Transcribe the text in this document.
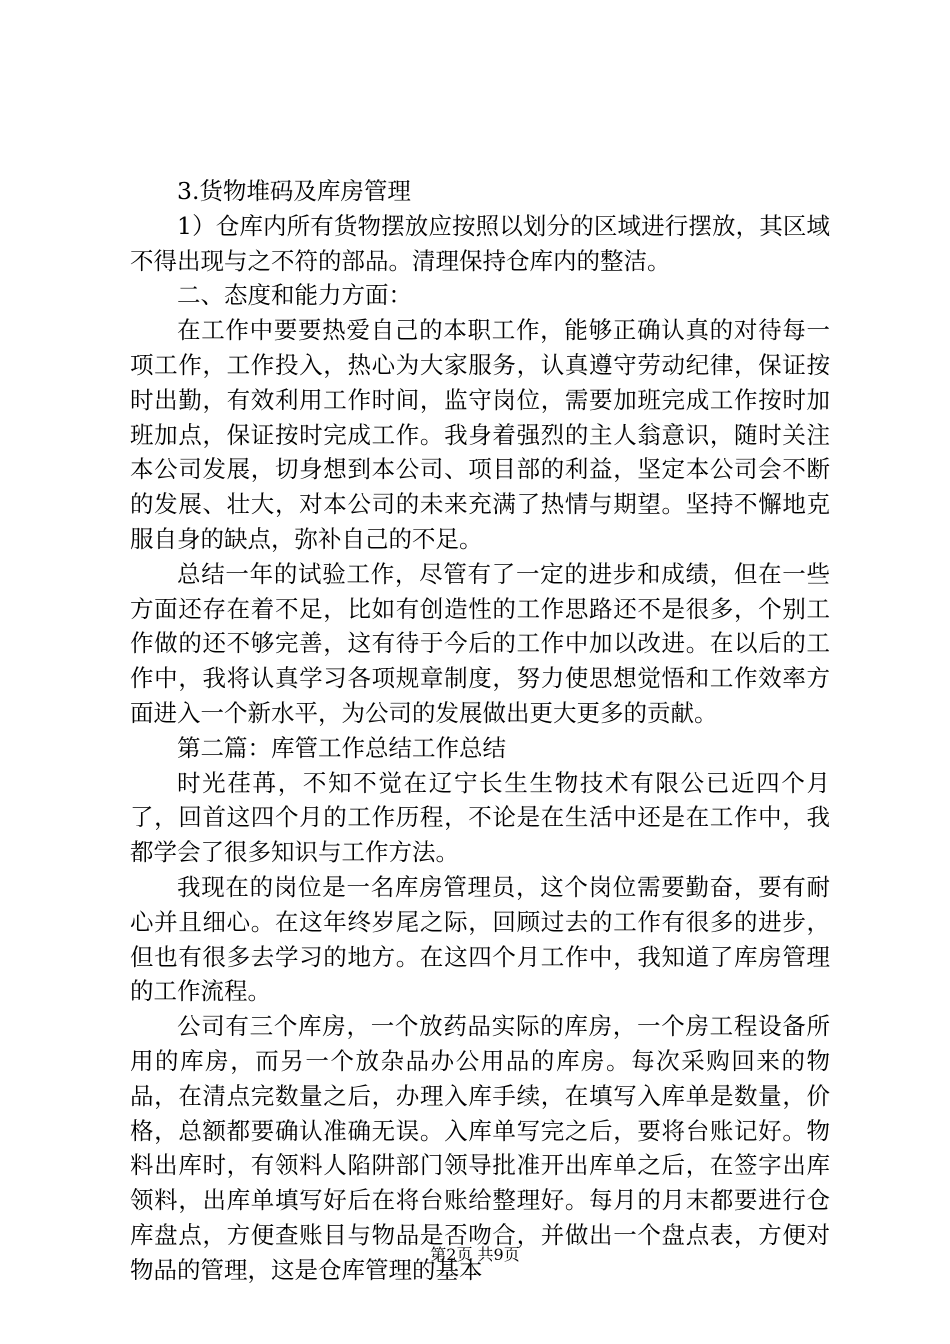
3.货物堆码及库房管理

1）仓库内所有货物摆放应按照以划分的区域进行摆放，其区域不得出现与之不符的部品。清理保持仓库内的整洁。

二、态度和能力方面：

在工作中要要热爱自己的本职工作，能够正确认真的对待每一项工作，工作投入，热心为大家服务，认真遵守劳动纪律，保证按时出勤，有效利用工作时间，监守岗位，需要加班完成工作按时加班加点，保证按时完成工作。我身着强烈的主人翁意识，随时关注本公司发展，切身想到本公司、项目部的利益，坚定本公司会不断的发展、壮大，对本公司的未来充满了热情与期望。坚持不懈地克服自身的缺点，弥补自己的不足。

总结一年的试验工作，尽管有了一定的进步和成绩，但在一些方面还存在着不足，比如有创造性的工作思路还不是很多，个别工作做的还不够完善，这有待于今后的工作中加以改进。在以后的工作中，我将认真学习各项规章制度，努力使思想觉悟和工作效率方面进入一个新水平，为公司的发展做出更大更多的贡献。

第二篇：库管工作总结工作总结

时光荏苒，不知不觉在辽宁长生生物技术有限公已近四个月了，回首这四个月的工作历程，不论是在生活中还是在工作中，我都学会了很多知识与工作方法。

我现在的岗位是一名库房管理员，这个岗位需要勤奋，要有耐心并且细心。在这年终岁尾之际，回顾过去的工作有很多的进步，但也有很多去学习的地方。在这四个月工作中，我知道了库房管理的工作流程。

公司有三个库房，一个放药品实际的库房，一个房工程设备所用的库房，而另一个放杂品办公用品的库房。每次采购回来的物品，在清点完数量之后，办理入库手续，在填写入库单是数量，价格，总额都要确认准确无误。入库单写完之后，要将台账记好。物料出库时，有领料人陷阱部门领导批准开出库单之后，在签字出库领料，出库单填写好后在将台账给整理好。每月的月末都要进行仓库盘点，方便查账目与物品是否吻合，并做出一个盘点表，方便对物品的管理，这是仓库管理的基本

第2页 共9页
